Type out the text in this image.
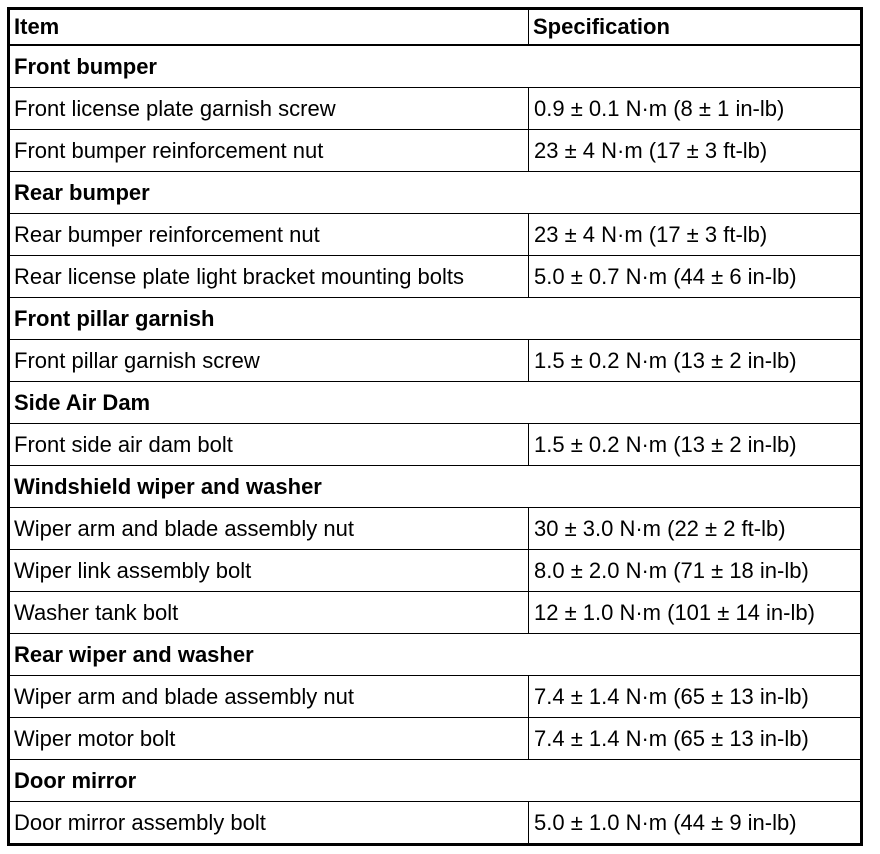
Item	Specification
Front bumper	
Front license plate garnish screw	0.9 ± 0.1 N·m (8 ± 1 in-lb)
Front bumper reinforcement nut	23 ± 4 N·m (17 ± 3 ft-lb)
Rear bumper	
Rear bumper reinforcement nut	23 ± 4 N·m (17 ± 3 ft-lb)
Rear license plate light bracket mounting bolts	5.0 ± 0.7 N·m (44 ± 6 in-lb)
Front pillar garnish	
Front pillar garnish screw	1.5 ± 0.2 N·m (13 ± 2 in-lb)
Side Air Dam	
Front side air dam bolt	1.5 ± 0.2 N·m (13 ± 2 in-lb)
Windshield wiper and washer	
Wiper arm and blade assembly nut	30 ± 3.0 N·m (22 ± 2 ft-lb)
Wiper link assembly bolt	8.0 ± 2.0 N·m (71 ± 18 in-lb)
Washer tank bolt	12 ± 1.0 N·m (101 ± 14 in-lb)
Rear wiper and washer	
Wiper arm and blade assembly nut	7.4 ± 1.4 N·m (65 ± 13 in-lb)
Wiper motor bolt	7.4 ± 1.4 N·m (65 ± 13 in-lb)
Door mirror	
Door mirror assembly bolt	5.0 ± 1.0 N·m (44 ± 9 in-lb)
